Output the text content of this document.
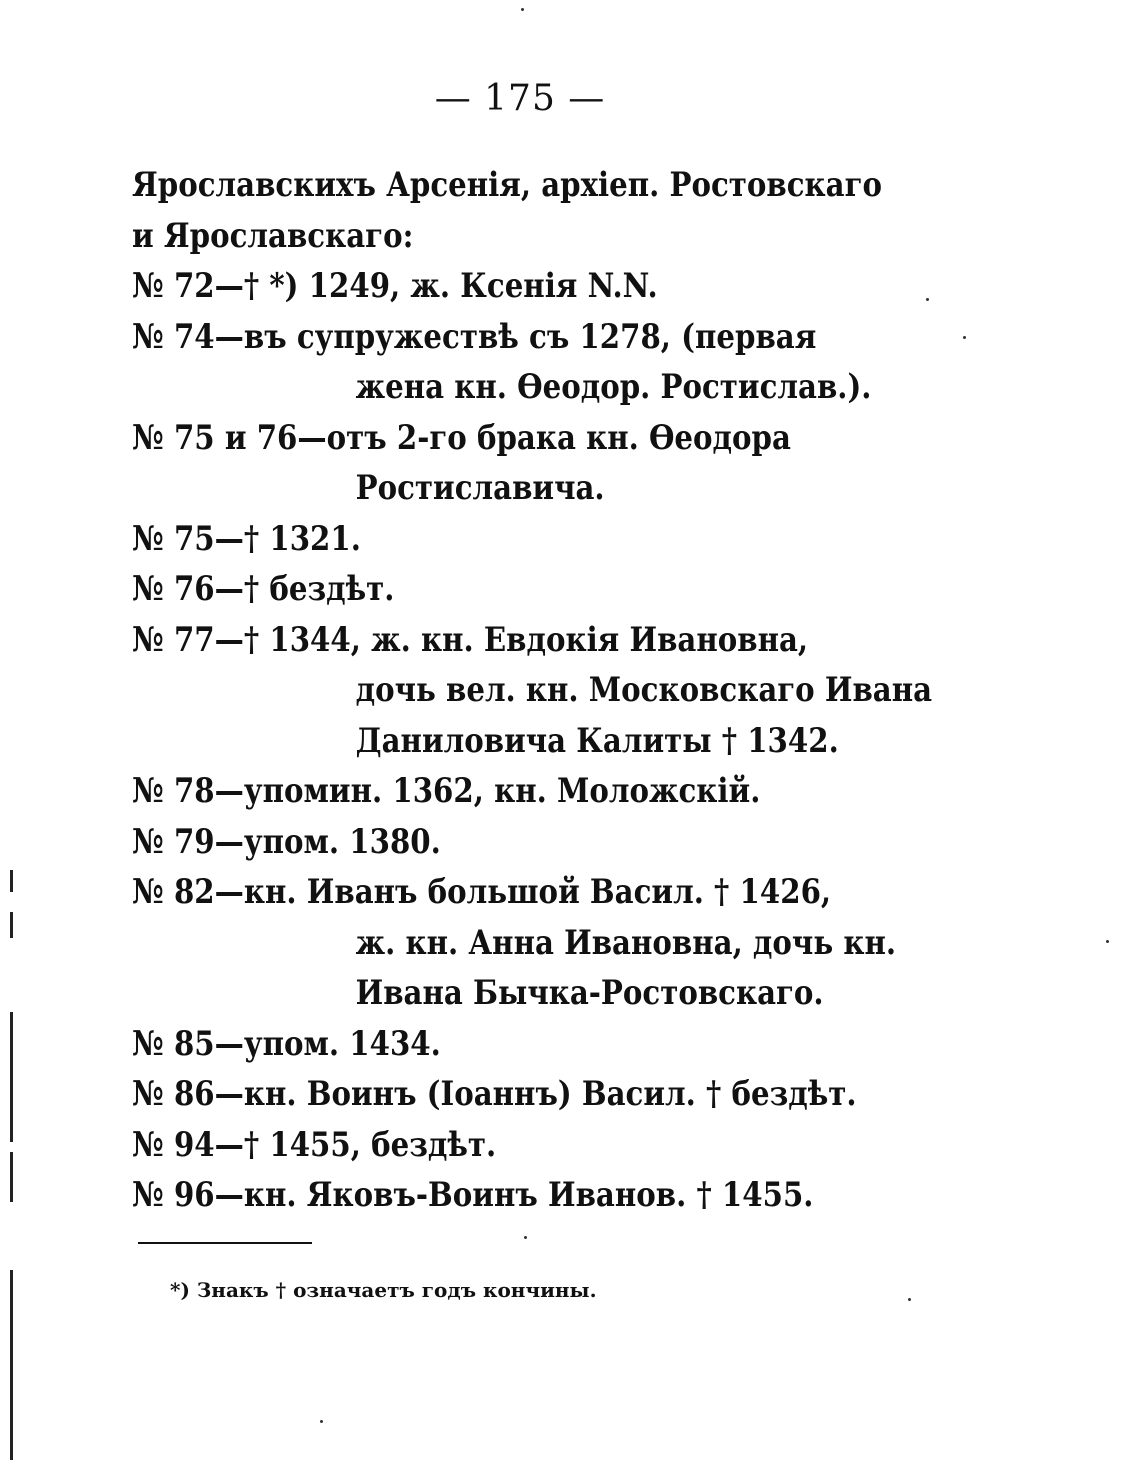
— 175 —
Ярославскихъ Арсенія, архіеп. Ростовскаго
и Ярославскаго:
№ 72—† *) 1249, ж. Ксенія N.N.
№ 74—въ супружествѣ съ 1278, (первая
жена кн. Ѳеодор. Ростислав.).
№ 75 и 76—отъ 2-го брака кн. Ѳеодора
Ростиславича.
№ 75—† 1321.
№ 76—† бездѣт.
№ 77—† 1344, ж. кн. Евдокія Ивановна,
дочь вел. кн. Московскаго Ивана
Даниловича Калиты † 1342.
№ 78—упомин. 1362, кн. Моложскій.
№ 79—упом. 1380.
№ 82—кн. Иванъ большой Васил. † 1426,
ж. кн. Анна Ивановна, дочь кн.
Ивана Бычка-Ростовскаго.
№ 85—упом. 1434.
№ 86—кн. Воинъ (Іоаннъ) Васил. † бездѣт.
№ 94—† 1455, бездѣт.
№ 96—кн. Яковъ-Воинъ Иванов. † 1455.
*) Знакъ † означаетъ годъ кончины.
